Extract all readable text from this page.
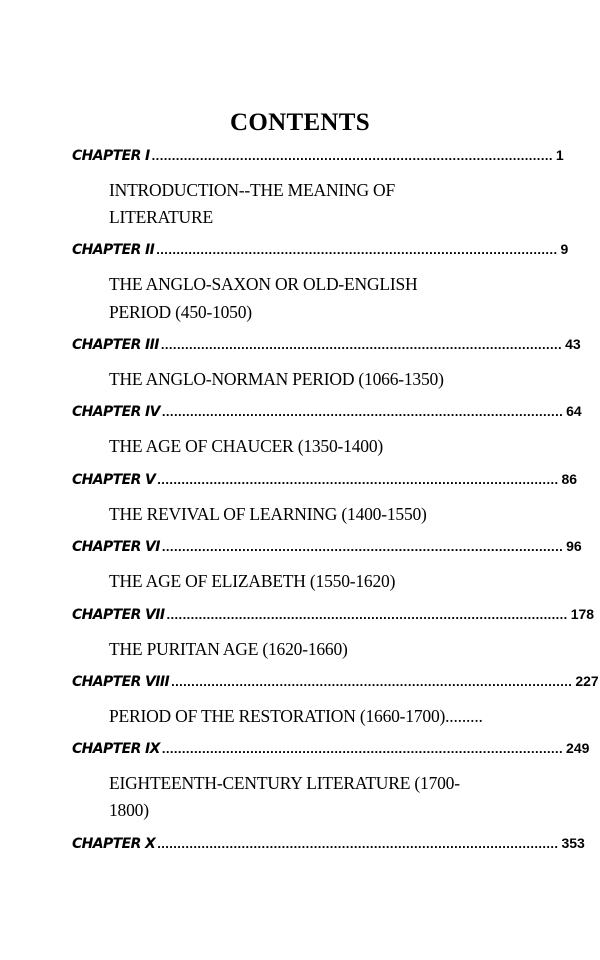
CONTENTS
CHAPTER I .................................................................................................... 1
INTRODUCTION--THE MEANING OF
LITERATURE
CHAPTER II .................................................................................................... 9
THE ANGLO-SAXON OR OLD-ENGLISH
PERIOD (450-1050)
CHAPTER III .................................................................................................... 43
THE ANGLO-NORMAN PERIOD (1066-1350)
CHAPTER IV .................................................................................................... 64
THE AGE OF CHAUCER (1350-1400)
CHAPTER V .................................................................................................... 86
THE REVIVAL OF LEARNING (1400-1550)
CHAPTER VI .................................................................................................... 96
THE AGE OF ELIZABETH (1550-1620)
CHAPTER VII .................................................................................................... 178
THE PURITAN AGE (1620-1660)
CHAPTER VIII .................................................................................................... 227
PERIOD OF THE RESTORATION (1660-1700).........
CHAPTER IX .................................................................................................... 249
EIGHTEENTH-CENTURY LITERATURE (1700-
1800)
CHAPTER X .................................................................................................... 353
